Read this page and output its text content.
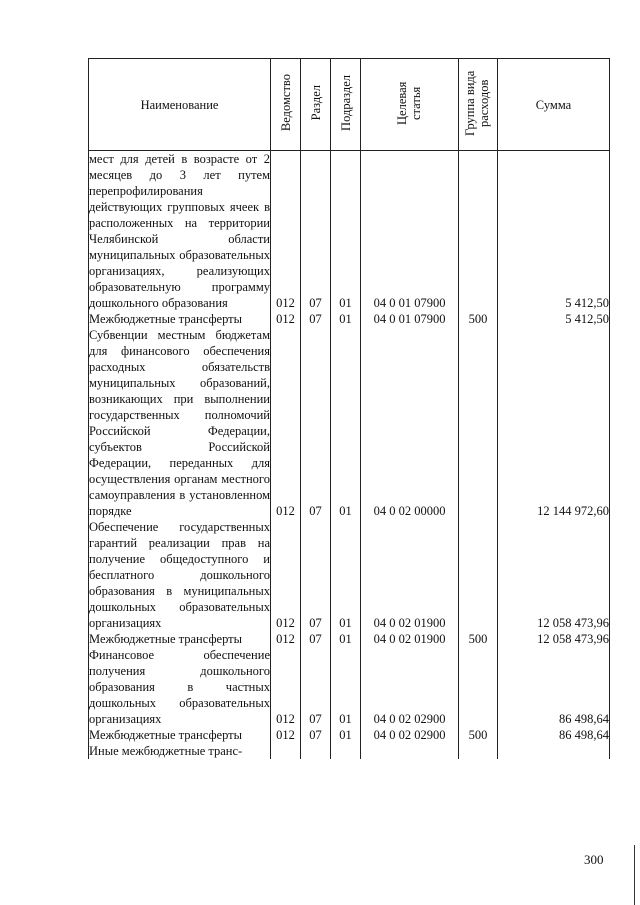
Наименование	Ведомство	Раздел	Подраздел	Целевая статья	Группа вида расходов	Сумма
мест для детей в возрасте от 2 месяцев до 3 лет путем перепрофилирования действующих групповых ячеек в расположенных на территории Челябинской области муниципальных образовательных организациях, реализующих образовательную программу дошкольного образования	012	07	01	04 0 01 07900		5 412,50
Межбюджетные трансферты	012	07	01	04 0 01 07900	500	5 412,50
Субвенции местным бюджетам для финансового обеспечения расходных обязательств муниципальных образований, возникающих при выполнении государственных полномочий Российской Федерации, субъектов Российской Федерации, переданных для осуществления органам местного самоуправления в установленном порядке	012	07	01	04 0 02 00000		12 144 972,60
Обеспечение государственных гарантий реализации прав на получение общедоступного и бесплатного дошкольного образования в муниципальных дошкольных образовательных организациях	012	07	01	04 0 02 01900		12 058 473,96
Межбюджетные трансферты	012	07	01	04 0 02 01900	500	12 058 473,96
Финансовое обеспечение получения дошкольного образования в частных дошкольных образовательных организациях	012	07	01	04 0 02 02900		86 498,64
Межбюджетные трансферты	012	07	01	04 0 02 02900	500	86 498,64
Иные межбюджетные транс-						
300
